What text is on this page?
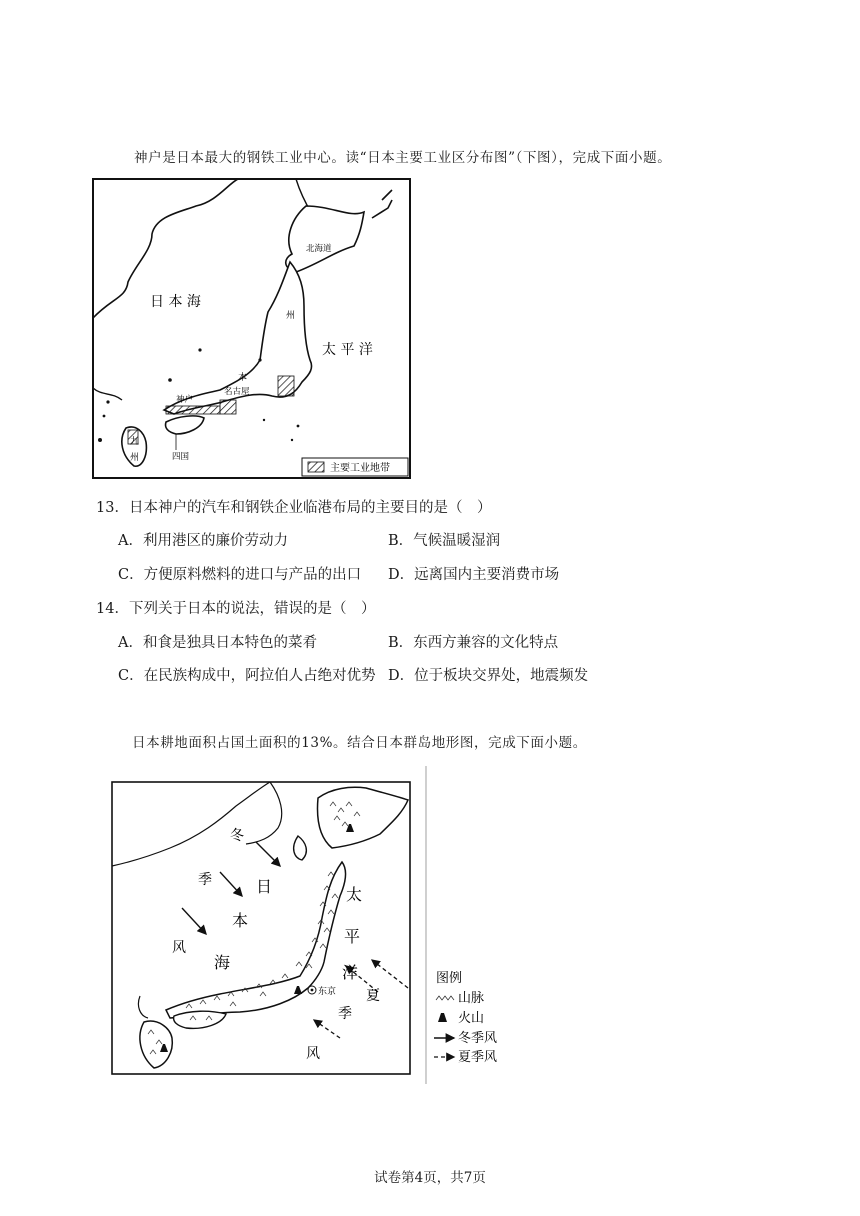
神户是日本最大的钢铁工业中心。读“日本主要工业区分布图”（下图），完成下面小题。
日 本 海
太 平 洋
北海道
州
本
名古屋
神户
九
州	四国
主要工业地带
13．日本神户的汽车和钢铁企业临港布局的主要目的是（　）
A．利用港区的廉价劳动力	B．气候温暖湿润
C．方便原料燃料的进口与产品的出口 D．远离国内主要消费市场
14．下列关于日本的说法，错误的是（　）
A．和食是独具日本特色的菜肴	B．东西方兼容的文化特点
C．在民族构成中，阿拉伯人占绝对优势 D．位于板块交界处，地震频发
日本耕地面积占国土面积的13%。结合日本群岛地形图，完成下面小题。
东京
冬
季
风
日
本
海
太
平
洋
夏
季
风
图例
山脉
火山
冬季风
夏季风
试卷第4页，共7页
